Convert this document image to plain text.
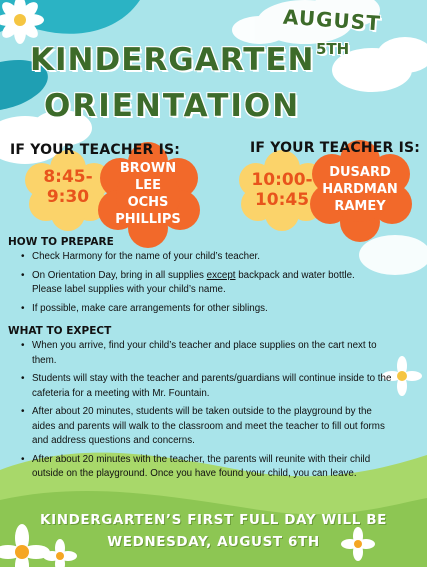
AUGUST
5TH
KINDERGARTEN
ORIENTATION
IF YOUR TEACHER IS:
8:45-
9:30
BROWN
LEE
OCHS
PHILLIPS
IF YOUR TEACHER IS:
10:00-
10:45
DUSARD
HARDMAN
RAMEY
HOW TO PREPARE
• Check Harmony for the name of your child’s teacher.
• On Orientation Day, bring in all supplies except backpack and water bottle. Please label supplies with your child’s name.
• If possible, make care arrangements for other siblings.
WHAT TO EXPECT
• When you arrive, find your child’s teacher and place supplies on the cart next to them.
• Students will stay with the teacher and parents/guardians will continue inside to the cafeteria for a meeting with Mr. Fountain.
• After about 20 minutes, students will be taken outside to the playground by the aides and parents will walk to the classroom and meet the teacher to fill out forms and address questions and concerns.
• After about 20 minutes with the teacher, the parents will reunite with their child outside on the playground. Once you have found your child, you can leave.
KINDERGARTEN’S FIRST FULL DAY WILL BE
WEDNESDAY, AUGUST 6TH
